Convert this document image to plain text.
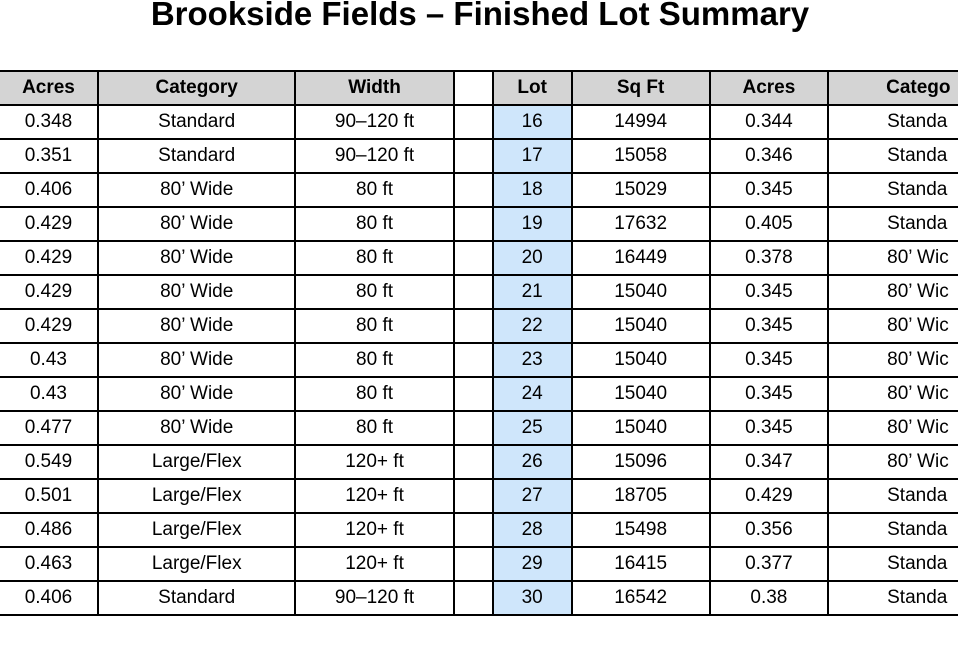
Brookside Fields – Finished Lot Summary
Acres	Category	Width		Lot	Sq Ft	Acres	Catego
0.348	Standard	90–120 ft		16	14994	0.344	Standa
0.351	Standard	90–120 ft		17	15058	0.346	Standa
0.406	80’ Wide	80 ft		18	15029	0.345	Standa
0.429	80’ Wide	80 ft		19	17632	0.405	Standa
0.429	80’ Wide	80 ft		20	16449	0.378	80’ Wic
0.429	80’ Wide	80 ft		21	15040	0.345	80’ Wic
0.429	80’ Wide	80 ft		22	15040	0.345	80’ Wic
0.43	80’ Wide	80 ft		23	15040	0.345	80’ Wic
0.43	80’ Wide	80 ft		24	15040	0.345	80’ Wic
0.477	80’ Wide	80 ft		25	15040	0.345	80’ Wic
0.549	Large/Flex	120+ ft		26	15096	0.347	80’ Wic
0.501	Large/Flex	120+ ft		27	18705	0.429	Standa
0.486	Large/Flex	120+ ft		28	15498	0.356	Standa
0.463	Large/Flex	120+ ft		29	16415	0.377	Standa
0.406	Standard	90–120 ft		30	16542	0.38	Standa
